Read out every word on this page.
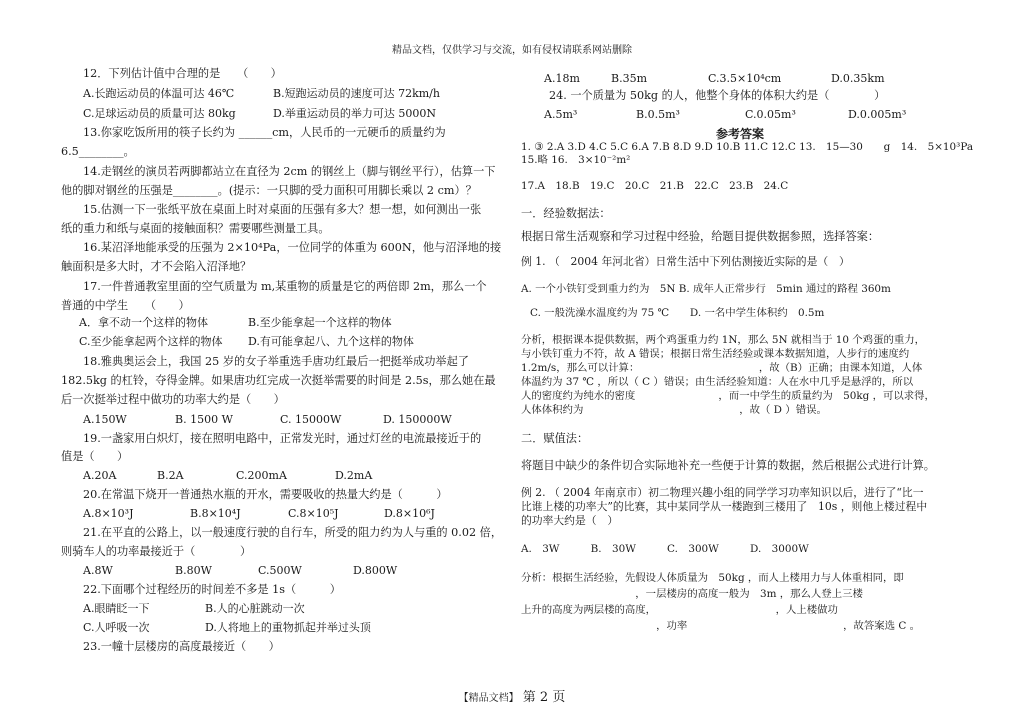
精品文档，仅供学习与交流，如有侵权请联系网站删除
12．下列估计值中合理的是　　（　　）
A.长跑运动员的体温可达 46℃	B.短跑运动员的速度可达 72km/h
C.足球运动员的质量可达 80kg	D.举重运动员的举力可达 5000N
13.你家吃饭所用的筷子长约为 ______cm，人民币的一元硬币的质量约为
6.5________。
14.走钢丝的演员若两脚都站立在直径为 2cm 的钢丝上（脚与钢丝平行），估算一下
他的脚对钢丝的压强是________。(提示：一只脚的受力面积可用脚长乘以 2 cm）？
15.估测一下一张纸平放在桌面上时对桌面的压强有多大？想一想，如何测出一张
纸的重力和纸与桌面的接触面积？需要哪些测量工具。
16.某沼泽地能承受的压强为 2×10⁴Pa，一位同学的体重为 600N，他与沼泽地的接
触面积是多大时，才不会陷入沼泽地？
17.一件普通教室里面的空气质量为 m,某重物的质量是它的两倍即 2m，那么一个
普通的中学生　　（　　）
A．拿不动一个这样的物体	B.至少能拿起一个这样的物体
C.至少能拿起两个这样的物体 D.有可能拿起八、九个这样的物体
18.雅典奥运会上，我国 25 岁的女子举重选手唐功红最后一把挺举成功举起了
182.5kg 的杠铃，夺得金牌。如果唐功红完成一次挺举需要的时间是 2.5s，那么她在最
后一次挺举过程中做功的功率大约是（　　）
A.150W	B. 1500 W	C. 15000W	D. 150000W
19.一盏家用白炽灯，接在照明电路中，正常发光时，通过灯丝的电流最接近于的
值是（　　）
A.20A	B.2A	C.200mA	D.2mA
20.在常温下烧开一普通热水瓶的开水，需要吸收的热量大约是（　　　）
A.8×10³J	B.8×10⁴J	C.8×10⁵J	D.8×10⁶J
21.在平直的公路上，以一般速度行驶的自行车，所受的阻力约为人与重的 0.02 倍，
则骑车人的功率最接近于（　　　　）
A.8W	B.80W	C.500W	D.800W
22.下面哪个过程经历的时间差不多是 1s（　　　）
A.眼睛眨一下	B.人的心脏跳动一次
C.人呼吸一次	D.人将地上的重物抓起并举过头顶
23.一幢十层楼房的高度最接近（　　）
A.18m	B.35m	C.3.5×10⁴cm	D.0.35km
24. 一个质量为 50kg 的人，他整个身体的体积大约是（　　　　）
A.5m³	B.0.5m³	C.0.05m³	D.0.005m³
参考答案
1. ③ 2.A 3.D 4.C 5.C 6.A 7.B 8.D 9.D 10.B 11.C 12.C 13.　15—30　　g　14.　5×10³Pa
15.略 16.　3×10⁻²m²
17.A　18.B　19.C　20.C　21.B　22.C　23.B　24.C
一．经验数据法：
根据日常生活观察和学习过程中经验，给题目提供数据参照，选择答案：
例 1. （　2004 年河北省）日常生活中下列估测接近实际的是（　）
A. 一个小铁钉受到重力约为　5N B. 成年人正常步行　5min 通过的路程 360m
C. 一般洗澡水温度约为 75 ℃　　D. 一名中学生体积约　0.5m
分析，根据课本提供数据，两个鸡蛋重力约 1N，那么 5N 就相当于 10 个鸡蛋的重力，
与小铁钉重力不符，故 A 错误；根据日常生活经验或课本数据知道，人步行的速度约
1.2m/s，那么可以计算：　　　　　　　　　　　　，故（B）正确；由课本知道，人体
体温约为 37 ℃ ，所以（ C ）错误；由生活经验知道：人在水中几乎是悬浮的，所以
人的密度约为纯水的密度　　　　　　　　，而一中学生的质量约为　50kg ，可以求得，
人体体积约为　　　　　　　　　　　　　　　，故（ D ）错误。
二．赋值法：
将题目中缺少的条件切合实际地补充一些便于计算的数据，然后根据公式进行计算。
例 2. （ 2004 年南京市）初二物理兴趣小组的同学学习功率知识以后，进行了“比一
比谁上楼的功率大”的比赛，其中某同学从一楼跑到三楼用了　10s ，则他上楼过程中
的功率大约是（　）
A.　3W　　　B.　30W　　　C.　300W　　　D.　3000W
分析：根据生活经验，先假设人体质量为　50kg ，而人上楼用力与人体重相同，即
　　　　　　　　　　　，一层楼房的高度一般为　3m ，那么人登上三楼
上升的高度为两层楼的高度，　　　　　　　　　　　　，人上楼做功
　　　　　　　　　　　　　，功率　　　　　　　　　　　　　　　，故答案选 C 。
【精品文档】 第 2 页
